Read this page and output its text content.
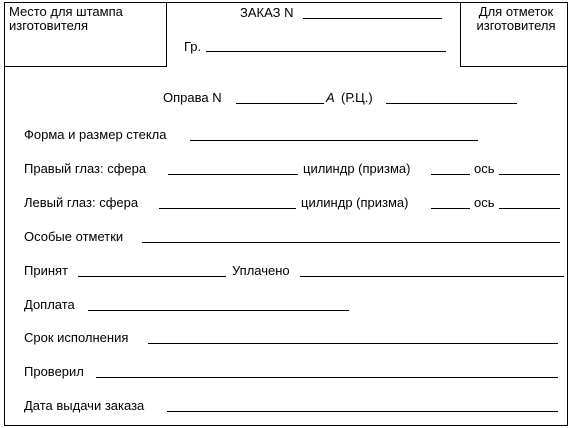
Место для штампа
изготовителя
ЗАКАЗ N
Гр.
Для отметок
изготовителя
Оправа N	A (Р.Ц.)
Форма и размер стекла
Правый глаз: сфера	цилиндр (призма)	ось
Левый глаз: сфера	цилиндр (призма)	ось
Особые отметки
Принят	Уплачено
Доплата
Срок исполнения
Проверил
Дата выдачи заказа
